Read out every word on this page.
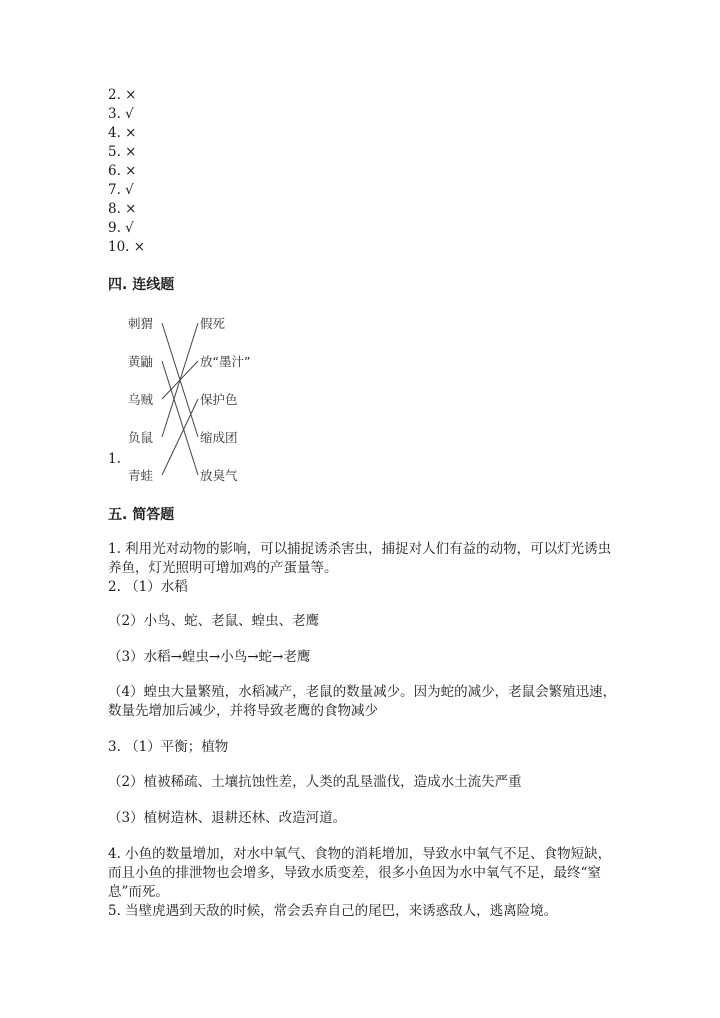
2. ×
3. √
4. ×
5. ×
6. ×
7. √
8. ×
9. √
10. ×
四. 连线题
1.
刺猬
黄鼬
乌贼
负鼠
青蛙
假死
放“墨汁”
保护色
缩成团
放臭气
五. 简答题
1. 利用光对动物的影响，可以捕捉诱杀害虫，捕捉对人们有益的动物，可以灯光诱虫养鱼，灯光照明可增加鸡的产蛋量等。
2. （1）水稻
（2）小鸟、蛇、老鼠、蝗虫、老鹰
（3）水稻→蝗虫→小鸟→蛇→老鹰
（4）蝗虫大量繁殖，水稻减产，老鼠的数量减少。因为蛇的减少，老鼠会繁殖迅速，数量先增加后减少，并将导致老鹰的食物减少
3. （1）平衡；植物
（2）植被稀疏、土壤抗蚀性差，人类的乱垦滥伐，造成水土流失严重
（3）植树造林、退耕还林、改造河道。
4. 小鱼的数量增加，对水中氧气、食物的消耗增加，导致水中氧气不足、食物短缺，而且小鱼的排泄物也会增多，导致水质变差，很多小鱼因为水中氧气不足，最终“窒息”而死。
5. 当壁虎遇到天敌的时候，常会丢弃自己的尾巴，来诱惑敌人，逃离险境。
